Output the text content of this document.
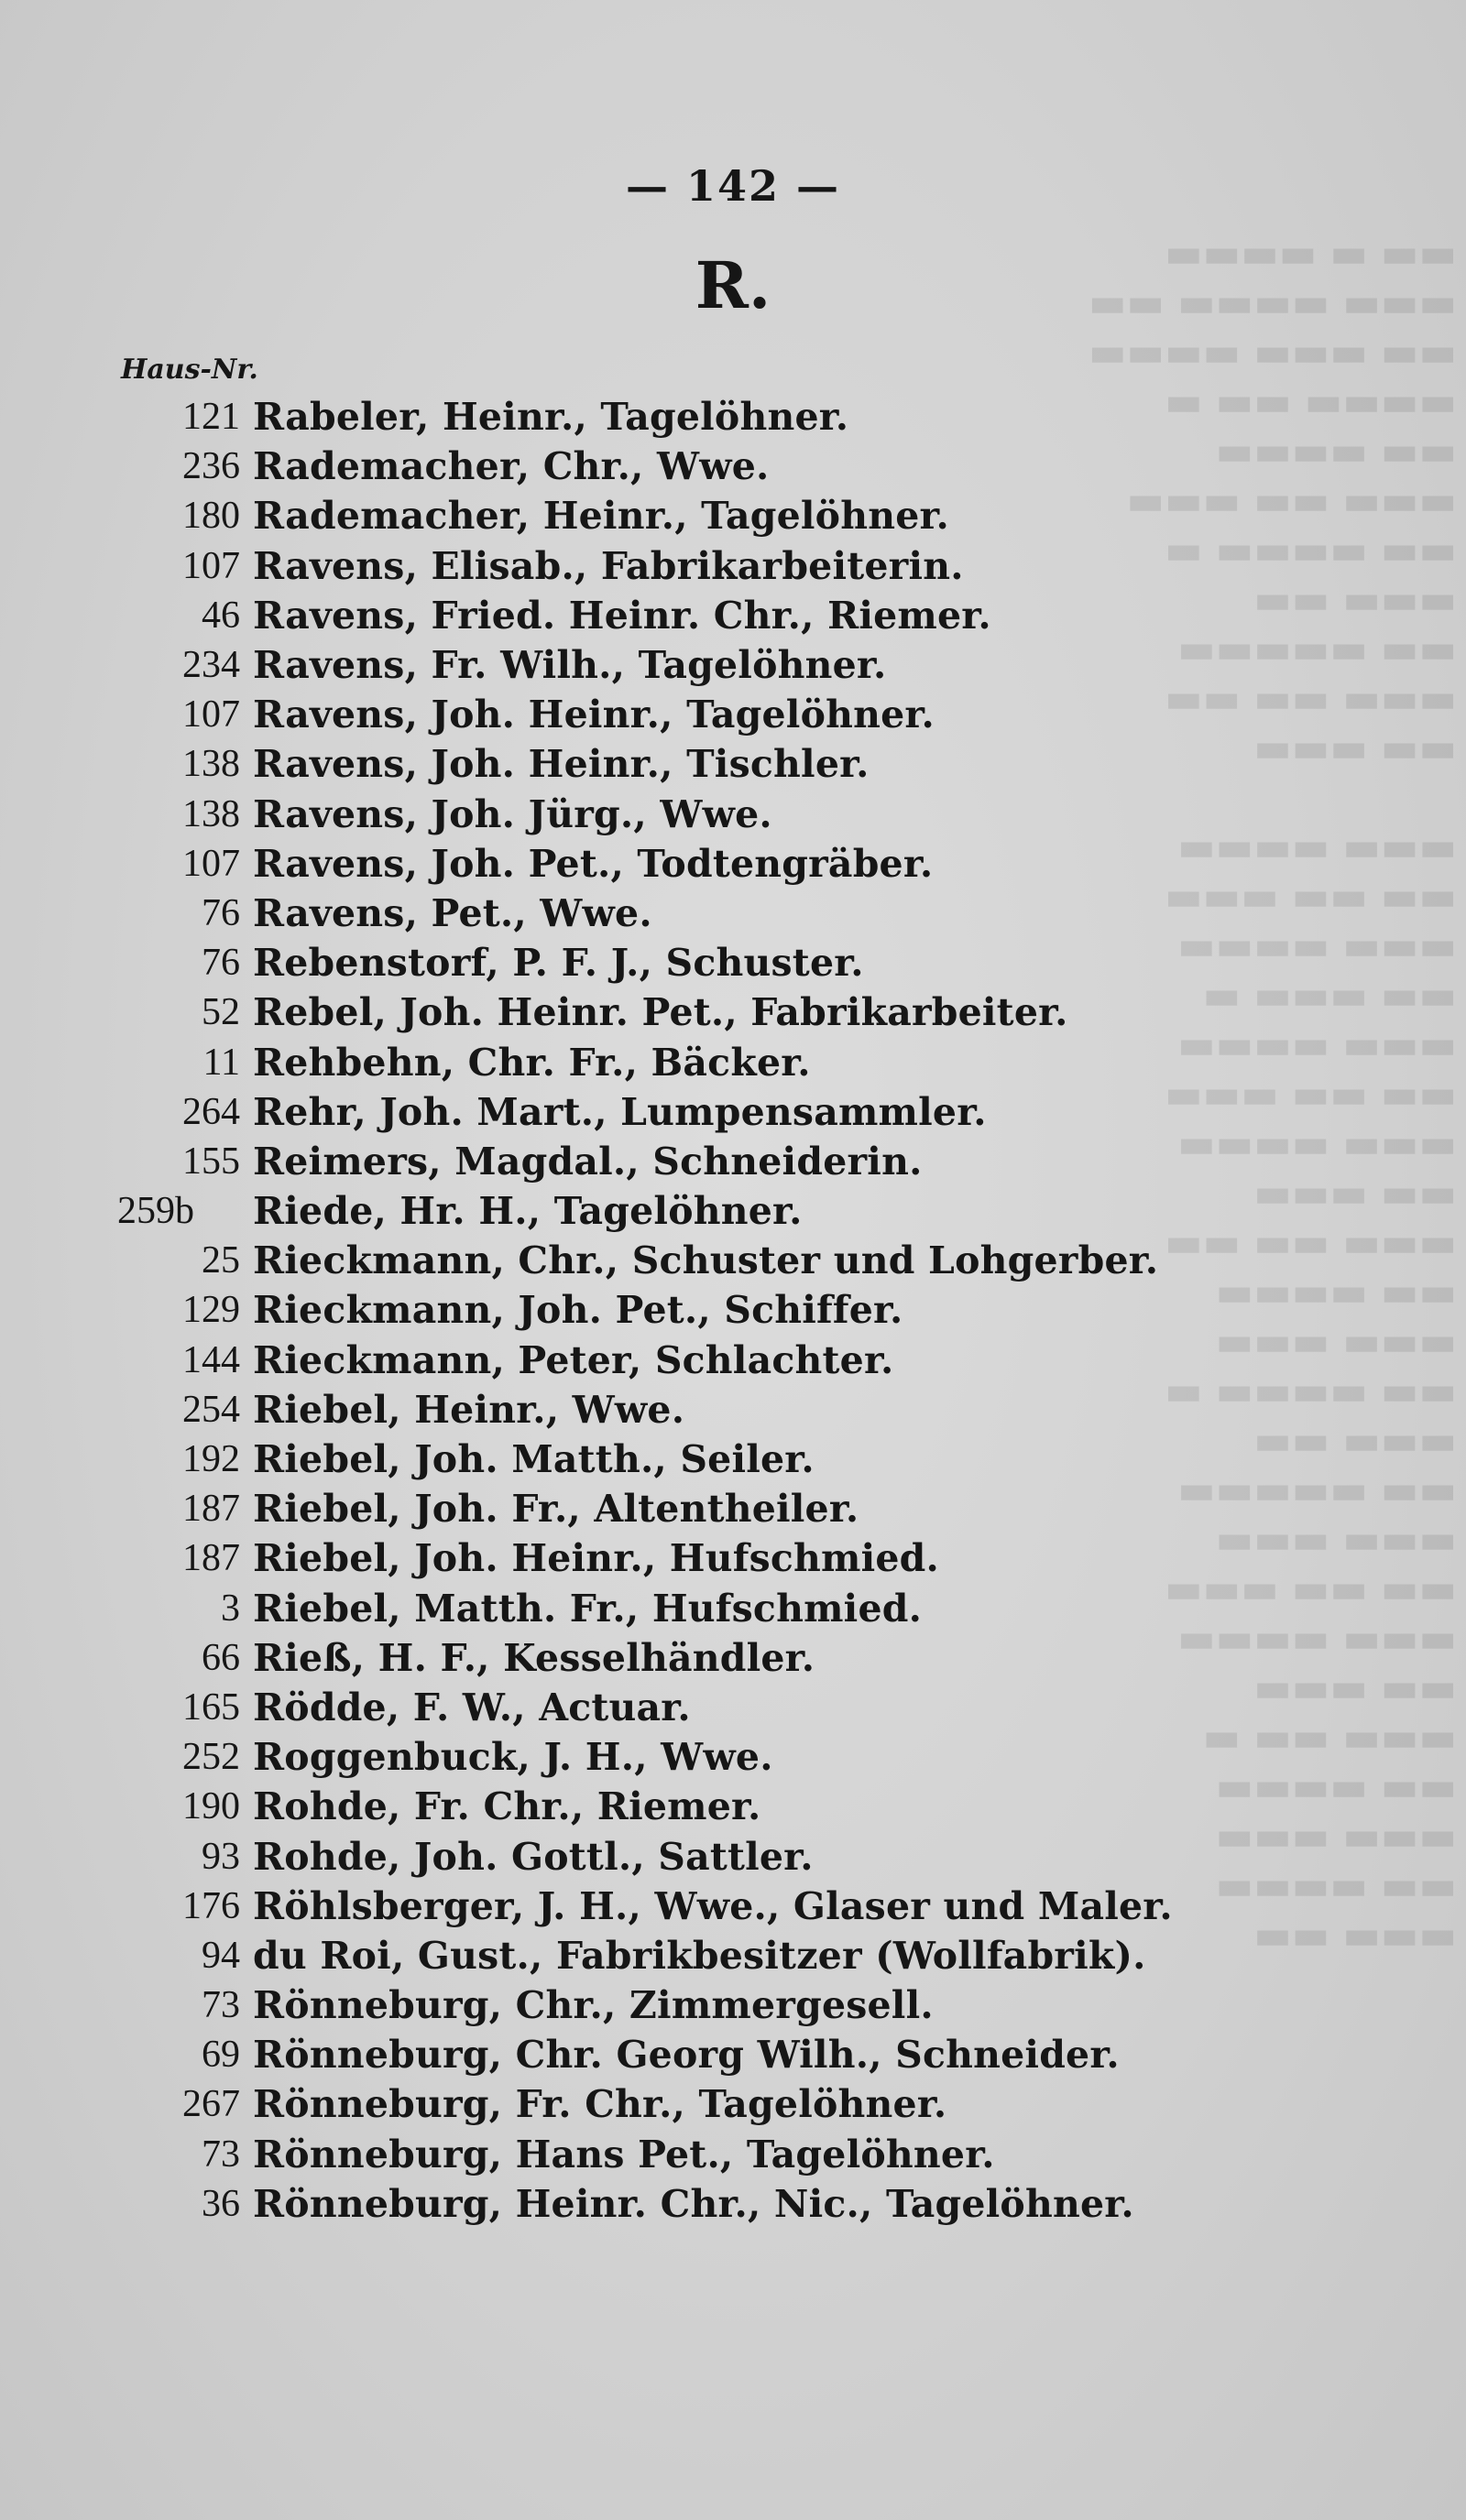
▬▬ ▬ ▬▬▬▬
▬▬▬ ▬▬▬▬ ▬▬
▬▬ ▬▬▬ ▬▬▬▬
▬▬▬▬ ▬▬ ▬
▬▬ ▬▬▬▬
▬▬▬ ▬▬ ▬▬▬
▬▬ ▬▬▬▬ ▬
▬▬▬ ▬▬
▬▬ ▬▬▬▬▬
▬▬▬ ▬▬ ▬▬
▬▬ ▬▬▬

▬▬▬ ▬▬▬▬
▬▬ ▬▬ ▬▬▬
▬▬▬ ▬▬▬▬
▬▬ ▬▬▬ ▬
▬▬▬ ▬▬▬▬
▬▬ ▬▬ ▬▬▬
▬▬▬ ▬▬▬▬
▬▬ ▬▬▬
▬▬▬ ▬▬ ▬▬
▬▬ ▬▬▬▬
▬▬▬ ▬▬▬
▬▬ ▬▬▬▬ ▬
▬▬▬ ▬▬
▬▬ ▬▬▬▬▬
▬▬▬ ▬▬▬
▬▬ ▬▬ ▬▬▬
▬▬▬ ▬▬▬▬
▬▬ ▬▬▬
▬▬▬ ▬▬ ▬
▬▬ ▬▬▬▬
▬▬▬ ▬▬▬
▬▬ ▬▬▬▬
▬▬▬ ▬▬
— 142 —
R.
Haus-Nr.
121 Rabeler, Heinr., Tagelöhner.
236 Rademacher, Chr., Wwe.
180 Rademacher, Heinr., Tagelöhner.
107 Ravens, Elisab., Fabrikarbeiterin.
46 Ravens, Fried. Heinr. Chr., Riemer.
234 Ravens, Fr. Wilh., Tagelöhner.
107 Ravens, Joh. Heinr., Tagelöhner.
138 Ravens, Joh. Heinr., Tischler.
138 Ravens, Joh. Jürg., Wwe.
107 Ravens, Joh. Pet., Todtengräber.
76 Ravens, Pet., Wwe.
76 Rebenstorf, P. F. J., Schuster.
52 Rebel, Joh. Heinr. Pet., Fabrikarbeiter.
11 Rehbehn, Chr. Fr., Bäcker.
264 Rehr, Joh. Mart., Lumpensammler.
155 Reimers, Magdal., Schneiderin.
259b	Riede, Hr. H., Tagelöhner.
25 Rieckmann, Chr., Schuster und Lohgerber.
129 Rieckmann, Joh. Pet., Schiffer.
144 Rieckmann, Peter, Schlachter.
254 Riebel, Heinr., Wwe.
192 Riebel, Joh. Matth., Seiler.
187 Riebel, Joh. Fr., Altentheiler.
187 Riebel, Joh. Heinr., Hufschmied.
3 Riebel, Matth. Fr., Hufschmied.
66 Rieß, H. F., Kesselhändler.
165 Rödde, F. W., Actuar.
252 Roggenbuck, J. H., Wwe.
190 Rohde, Fr. Chr., Riemer.
93 Rohde, Joh. Gottl., Sattler.
176 Röhlsberger, J. H., Wwe., Glaser und Maler.
94 du Roi, Gust., Fabrikbesitzer (Wollfabrik).
73 Rönneburg, Chr., Zimmergesell.
69 Rönneburg, Chr. Georg Wilh., Schneider.
267 Rönneburg, Fr. Chr., Tagelöhner.
73 Rönneburg, Hans Pet., Tagelöhner.
36 Rönneburg, Heinr. Chr., Nic., Tagelöhner.
